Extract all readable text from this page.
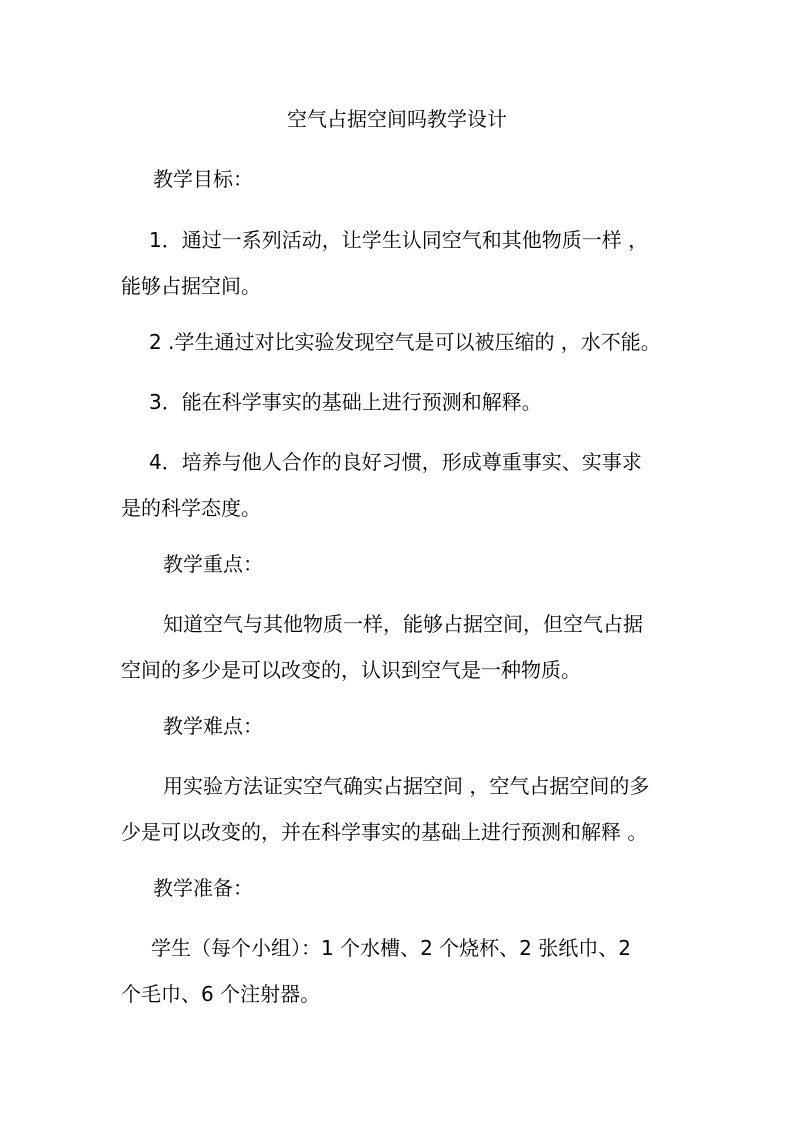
空气占据空间吗教学设计
教学目标：
1．通过一系列活动，让学生认同空气和其他物质一样 ，
能够占据空间。
2 .学生通过对比实验发现空气是可以被压缩的 ，水不能。
3．能在科学事实的基础上进行预测和解释。
4．培养与他人合作的良好习惯，形成尊重事实、实事求
是的科学态度。
教学重点：
知道空气与其他物质一样，能够占据空间，但空气占据
空间的多少是可以改变的，认识到空气是一种物质。
教学难点：
用实验方法证实空气确实占据空间 ，空气占据空间的多
少是可以改变的，并在科学事实的基础上进行预测和解释 。
教学准备：
学生（每个小组）：1 个水槽、2 个烧杯、2 张纸巾、2
个毛巾、6 个注射器。
